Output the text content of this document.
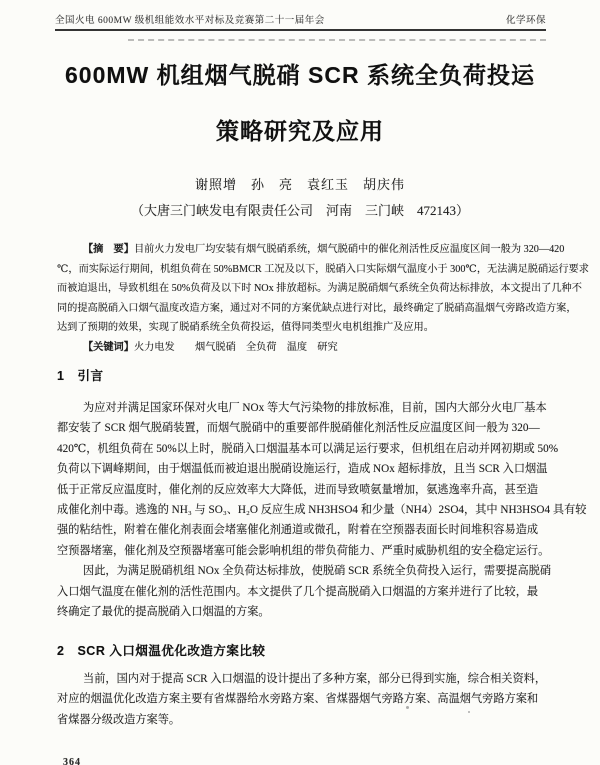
全国火电 600MW 级机组能效水平对标及竞赛第二十一届年会	化学环保
600MW 机组烟气脱硝 SCR 系统全负荷投运
策略研究及应用
谢照增　孙　亮　袁红玉　胡庆伟
（大唐三门峡发电有限责任公司　河南　三门峡　472143）
【摘　要】目前火力发电厂均安装有烟气脱硝系统，烟气脱硝中的催化剂活性反应温度区间一般为 320—420
℃，而实际运行期间，机组负荷在 50%BMCR 工况及以下，脱硝入口实际烟气温度小于 300℃，无法满足脱硝运行要求
而被迫退出，导致机组在 50%负荷及以下时 NOx 排放超标。为满足脱硝烟气系统全负荷达标排放，本文提出了几种不
同的提高脱硝入口烟气温度改造方案，通过对不同的方案优缺点进行对比，最终确定了脱硝高温烟气旁路改造方案，
达到了预期的效果，实现了脱硝系统全负荷投运，值得同类型火电机组推广及应用。
【关键词】火力电发　　烟气脱硝　全负荷　温度　研究
1　引言
为应对并满足国家环保对火电厂 NOx 等大气污染物的排放标准，目前，国内大部分火电厂基本
都安装了 SCR 烟气脱硝装置，而烟气脱硝中的重要部件脱硝催化剂活性反应温度区间一般为 320—
420℃，机组负荷在 50%以上时，脱硝入口烟温基本可以满足运行要求，但机组在启动并网初期或 50%
负荷以下调峰期间，由于烟温低而被迫退出脱硝设施运行，造成 NOx 超标排放，且当 SCR 入口烟温
低于正常反应温度时，催化剂的反应效率大大降低，进而导致喷氨量增加，氨逃逸率升高，甚至造
成催化剂中毒。逃逸的 NH₃ 与 SO₃、H₂O 反应生成 NH3HSO4 和少量（NH4）2SO4，其中 NH3HSO4 具有较
强的粘结性，附着在催化剂表面会堵塞催化剂通道或微孔，附着在空预器表面长时间堆积容易造成
空预器堵塞，催化剂及空预器堵塞可能会影响机组的带负荷能力、严重时威胁机组的安全稳定运行。
因此，为满足脱硝机组 NOx 全负荷达标排放，使脱硝 SCR 系统全负荷投入运行，需要提高脱硝
入口烟气温度在催化剂的活性范围内。本文提供了几个提高脱硝入口烟温的方案并进行了比较，最
终确定了最优的提高脱硝入口烟温的方案。
2　SCR 入口烟温优化改造方案比较
当前，国内对于提高 SCR 入口烟温的设计提出了多种方案，部分已得到实施，综合相关资料，
对应的烟温优化改造方案主要有省煤器给水旁路方案、省煤器烟气旁路方案、高温烟气旁路方案和
省煤器分级改造方案等。
364
